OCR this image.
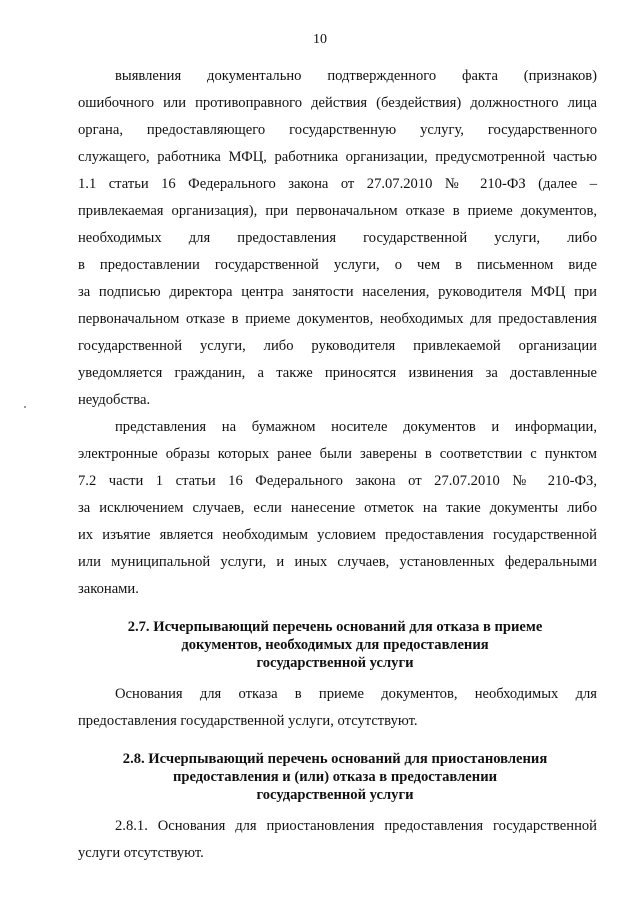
10
выявления документально подтвержденного факта (признаков)
ошибочного или противоправного действия (бездействия) должностного лица
органа, предоставляющего государственную услугу, государственного
служащего, работника МФЦ, работника организации, предусмотренной частью
1.1 статьи 16 Федерального закона от 27.07.2010 № 210-ФЗ (далее –
привлекаемая организация), при первоначальном отказе в приеме документов,
необходимых для предоставления государственной услуги, либо
в предоставлении государственной услуги, о чем в письменном виде
за подписью директора центра занятости населения, руководителя МФЦ при
первоначальном отказе в приеме документов, необходимых для предоставления
государственной услуги, либо руководителя привлекаемой организации
уведомляется гражданин, а также приносятся извинения за доставленные
неудобства.
представления на бумажном носителе документов и информации,
электронные образы которых ранее были заверены в соответствии с пунктом
7.2 части 1 статьи 16 Федерального закона от 27.07.2010 № 210-ФЗ,
за исключением случаев, если нанесение отметок на такие документы либо
их изъятие является необходимым условием предоставления государственной
или муниципальной услуги, и иных случаев, установленных федеральными
законами.
2.7. Исчерпывающий перечень оснований для отказа в приеме
документов, необходимых для предоставления
государственной услуги
Основания для отказа в приеме документов, необходимых для
предоставления государственной услуги, отсутствуют.
2.8. Исчерпывающий перечень оснований для приостановления
предоставления и (или) отказа в предоставлении
государственной услуги
2.8.1. Основания для приостановления предоставления государственной
услуги отсутствуют.
